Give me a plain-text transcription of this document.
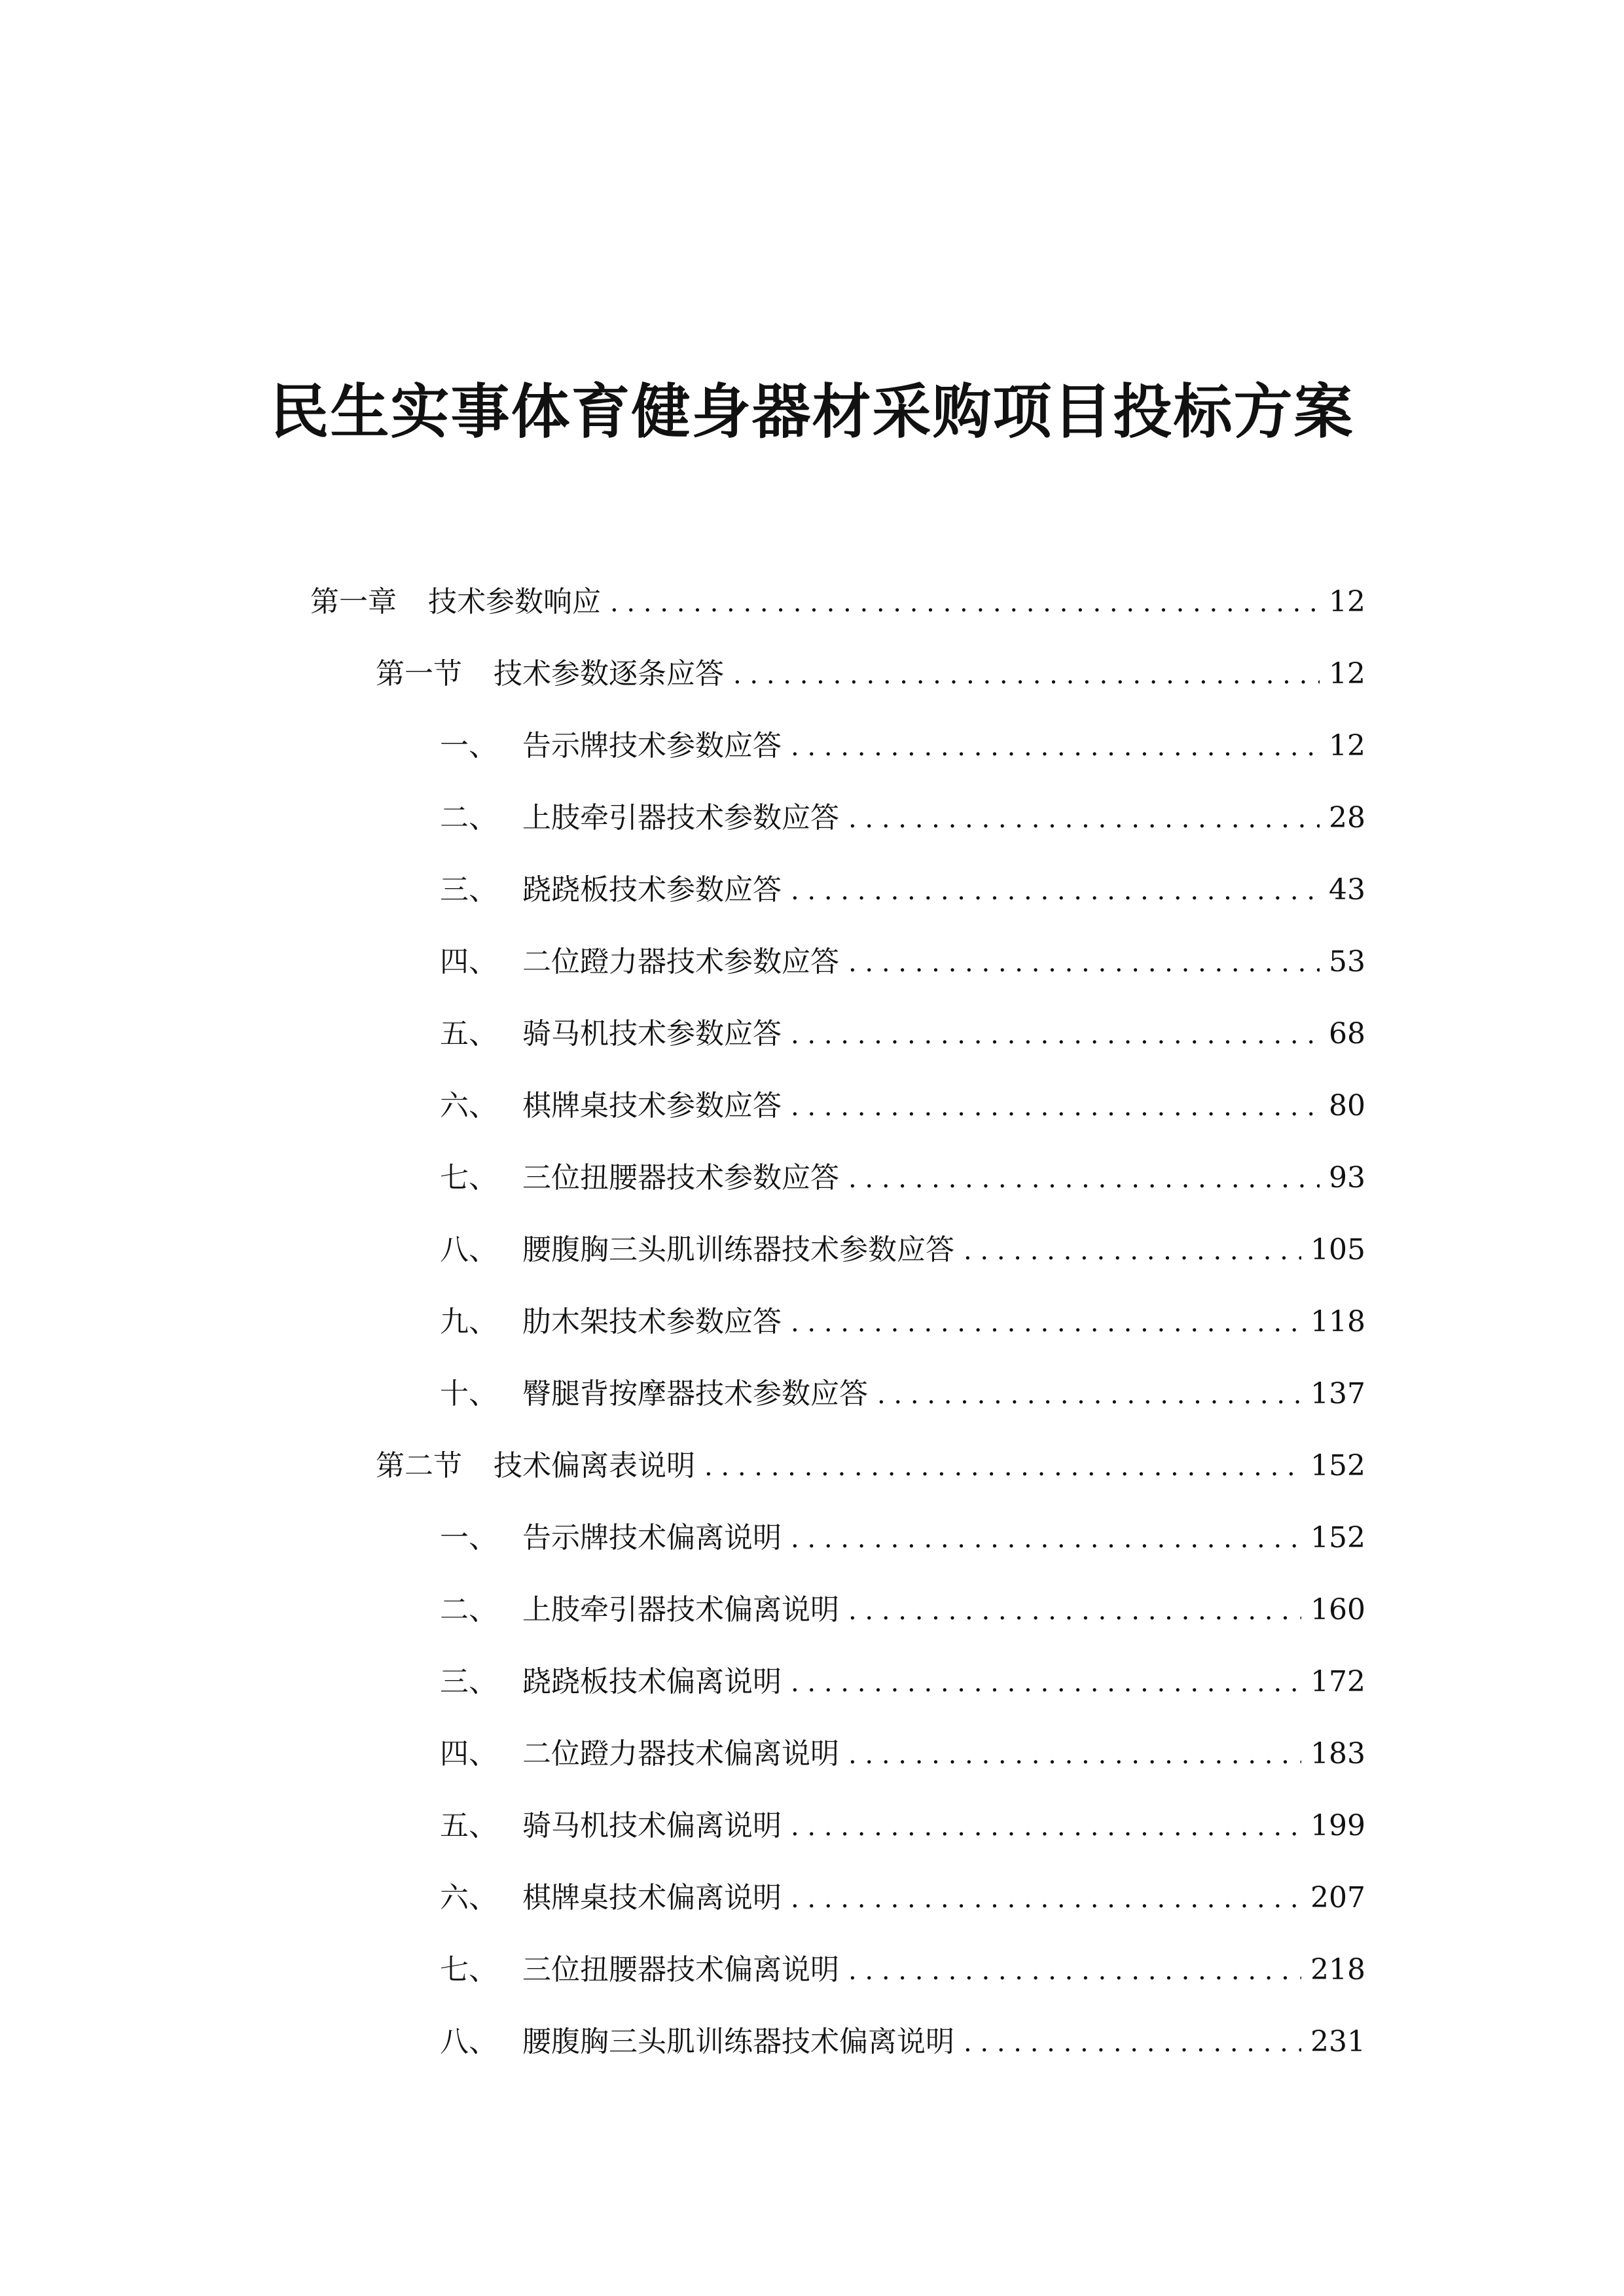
民生实事体育健身器材采购项目投标方案
第一章	技术参数响应 . . .	12
第一节	技术参数逐条应答 . . .	12
一、 告示牌技术参数应答 . . .	12
二、 上肢牵引器技术参数应答 . . .	28
三、 跷跷板技术参数应答 . . .	43
四、 二位蹬力器技术参数应答 . . .	53
五、 骑马机技术参数应答 . . .	68
六、 棋牌桌技术参数应答 . . .	80
七、 三位扭腰器技术参数应答 . . .	93
八、 腰腹胸三头肌训练器技术参数应答 . . .	105
九、 肋木架技术参数应答 . . .	118
十、 臀腿背按摩器技术参数应答 . . .	137
第二节	技术偏离表说明 . . .	152
一、 告示牌技术偏离说明 . . .	152
二、 上肢牵引器技术偏离说明 . . .	160
三、 跷跷板技术偏离说明 . . .	172
四、 二位蹬力器技术偏离说明 . . .	183
五、 骑马机技术偏离说明 . . .	199
六、 棋牌桌技术偏离说明 . . .	207
七、 三位扭腰器技术偏离说明 . . .	218
八、 腰腹胸三头肌训练器技术偏离说明 . . .	231
